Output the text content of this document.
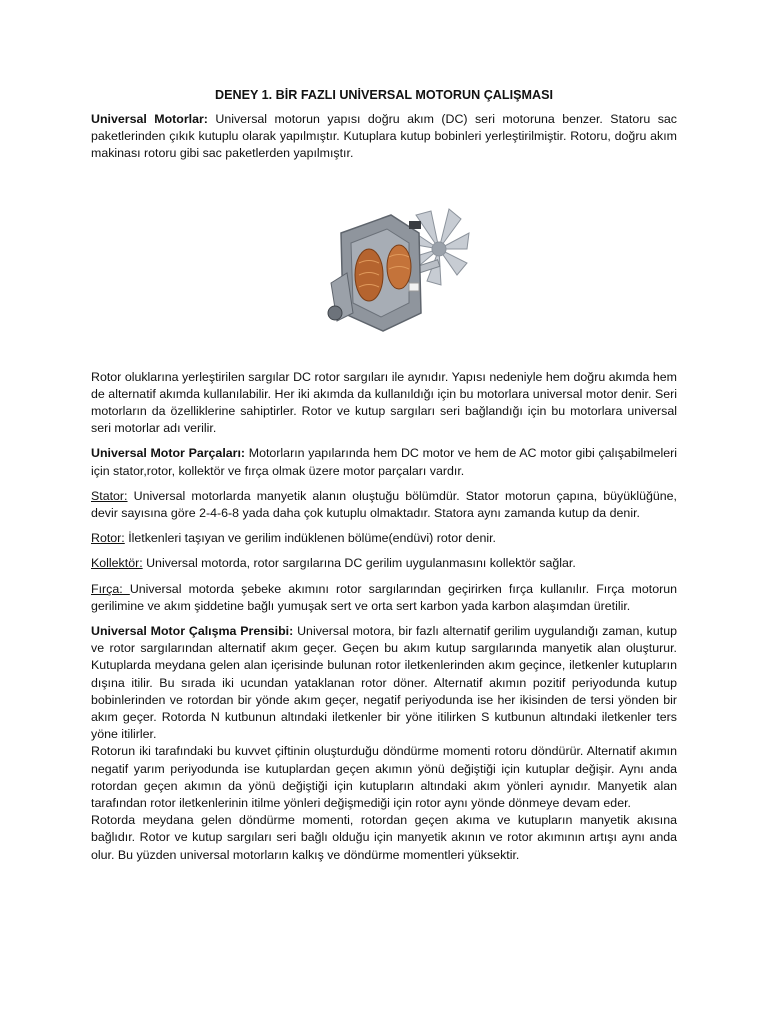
DENEY 1. BİR FAZLI UNİVERSAL MOTORUN ÇALIŞMASI

Universal Motorlar: Universal motorun yapısı doğru akım (DC) seri motoruna benzer. Statoru sac paketlerinden çıkık kutuplu olarak yapılmıştır. Kutuplara kutup bobinleri yerleştirilmiştir. Rotoru, doğru akım makinası rotoru gibi sac paketlerden yapılmıştır.

Rotor oluklarına yerleştirilen sargılar DC rotor sargıları ile aynıdır. Yapısı nedeniyle hem doğru akımda hem de alternatif akımda kullanılabilir. Her iki akımda da kullanıldığı için bu motorlara universal motor denir. Seri motorların da özelliklerine sahiptirler. Rotor ve kutup sargıları seri bağlandığı için bu motorlara universal seri motorlar adı verilir.

Universal Motor Parçaları: Motorların yapılarında hem DC motor ve hem de AC motor gibi çalışabilmeleri için stator,rotor, kollektör ve fırça olmak üzere motor parçaları vardır.

Stator: Universal motorlarda manyetik alanın oluştuğu bölümdür. Stator motorun çapına, büyüklüğüne, devir sayısına göre 2-4-6-8 yada daha çok kutuplu olmaktadır. Statora aynı zamanda kutup da denir.

Rotor: İletkenleri taşıyan ve gerilim indüklenen bölüme(endüvi) rotor denir.

Kollektör: Universal motorda, rotor sargılarına DC gerilim uygulanmasını kollektör sağlar.

Fırça: Universal motorda şebeke akımını rotor sargılarından geçirirken fırça kullanılır. Fırça motorun gerilimine ve akım şiddetine bağlı yumuşak sert ve orta sert karbon yada karbon alaşımdan üretilir.

Universal Motor Çalışma Prensibi: Universal motora, bir fazlı alternatif gerilim uygulandığı zaman, kutup ve rotor sargılarından alternatif akım geçer. Geçen bu akım kutup sargılarında manyetik alan oluşturur. Kutuplarda meydana gelen alan içerisinde bulunan rotor iletkenlerinden akım geçince, iletkenler kutupların dışına itilir. Bu sırada iki ucundan yataklanan rotor döner. Alternatif akımın pozitif periyodunda kutup bobinlerinden ve rotordan bir yönde akım geçer, negatif periyodunda ise her ikisinden de tersi yönden bir akım geçer. Rotorda N kutbunun altındaki iletkenler bir yöne itilirken S kutbunun altındaki iletkenler ters yöne itilirler.

Rotorun iki tarafındaki bu kuvvet çiftinin oluşturduğu döndürme momenti rotoru döndürür. Alternatif akımın negatif yarım periyodunda ise kutuplardan geçen akımın yönü değiştiği için kutuplar değişir. Aynı anda rotordan geçen akımın da yönü değiştiği için kutupların altındaki akım yönleri aynıdır. Manyetik alan tarafından rotor iletkenlerinin itilme yönleri değişmediği için rotor aynı yönde dönmeye devam eder.

Rotorda meydana gelen döndürme momenti, rotordan geçen akıma ve kutupların manyetik akısına bağlıdır. Rotor ve kutup sargıları seri bağlı olduğu için manyetik akının ve rotor akımının artışı aynı anda olur. Bu yüzden universal motorların kalkış ve döndürme momentleri yüksektir.
